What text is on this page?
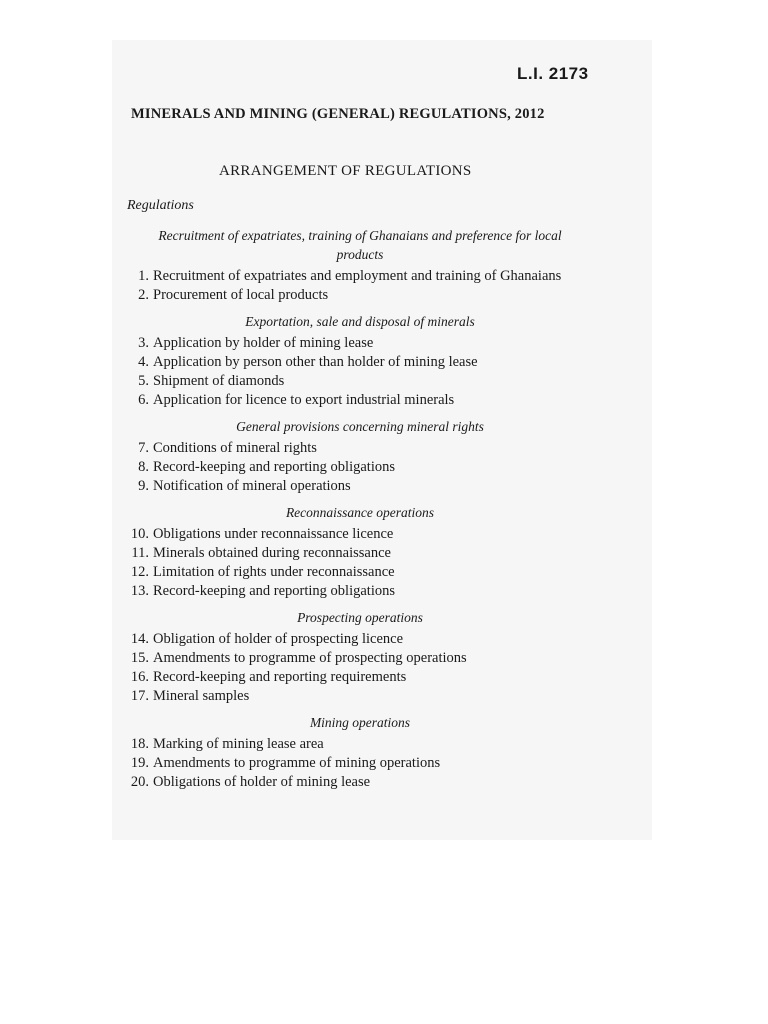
L.I. 2173
MINERALS AND MINING (GENERAL) REGULATIONS, 2012
ARRANGEMENT OF REGULATIONS
Regulations
Recruitment of expatriates, training of Ghanaians and preference for local
products
1. Recruitment of expatriates and employment and training of Ghanaians
2. Procurement of local products
Exportation, sale and disposal of minerals
3. Application by holder of mining lease
4. Application by person other than holder of mining lease
5. Shipment of diamonds
6. Application for licence to export industrial minerals
General provisions concerning mineral rights
7. Conditions of mineral rights
8. Record-keeping and reporting obligations
9. Notification of mineral operations
Reconnaissance operations
10. Obligations under reconnaissance licence
11. Minerals obtained during reconnaissance
12. Limitation of rights under reconnaissance
13. Record-keeping and reporting obligations
Prospecting operations
14. Obligation of holder of prospecting licence
15. Amendments to programme of prospecting operations
16. Record-keeping and reporting requirements
17. Mineral samples
Mining operations
18. Marking of mining lease area
19. Amendments to programme of mining operations
20. Obligations of holder of mining lease
